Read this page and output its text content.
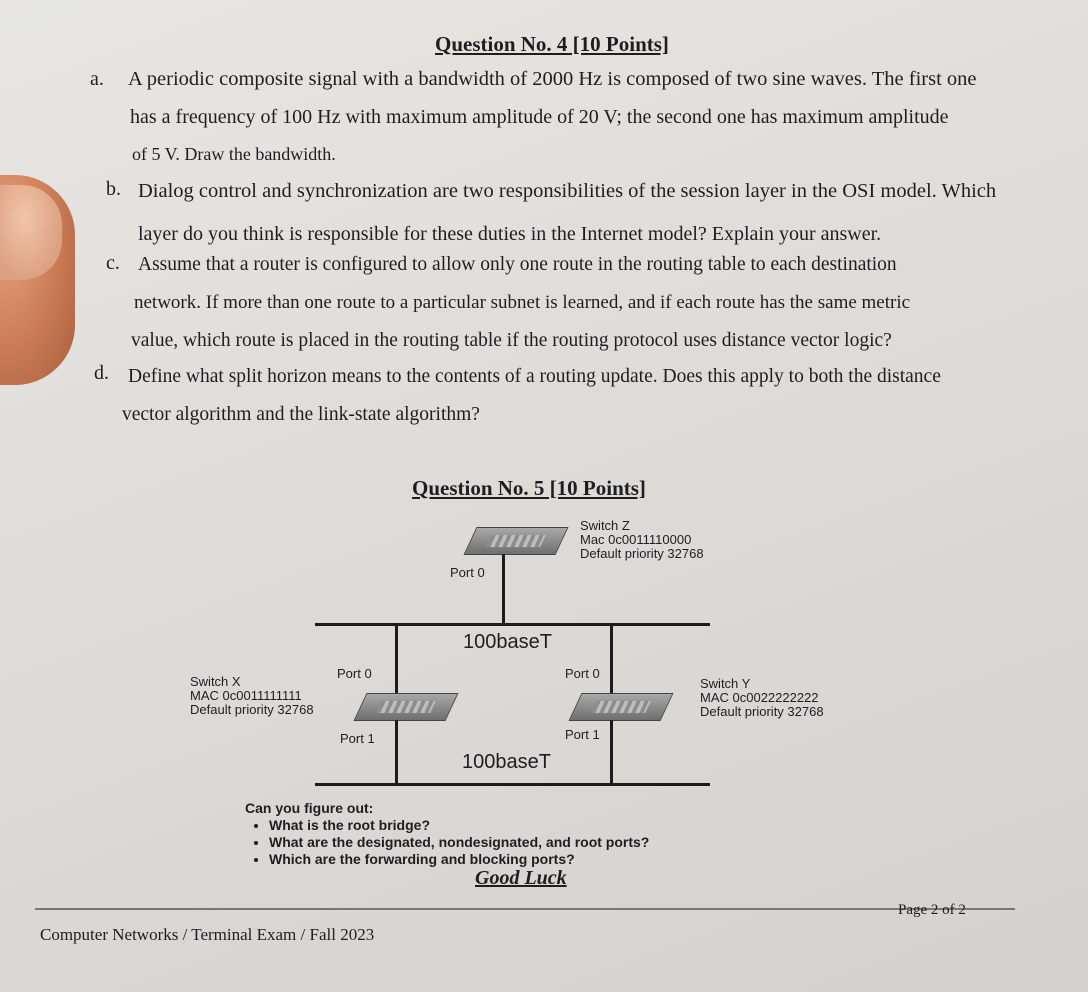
Question No. 4 [10 Points]
a. A periodic composite signal with a bandwidth of 2000 Hz is composed of two sine waves. The first one
has a frequency of 100 Hz with maximum amplitude of 20 V; the second one has maximum amplitude
of 5 V. Draw the bandwidth.
b. Dialog control and synchronization are two responsibilities of the session layer in the OSI model. Which
layer do you think is responsible for these duties in the Internet model? Explain your answer.
c. Assume that a router is configured to allow only one route in the routing table to each destination
network. If more than one route to a particular subnet is learned, and if each route has the same metric
value, which route is placed in the routing table if the routing protocol uses distance vector logic?
d. Define what split horizon means to the contents of a routing update. Does this apply to both the distance
vector algorithm and the link-state algorithm?
Question No. 5 [10 Points]
Switch Z
Mac 0c0011110000
Default priority 32768
Port 0
100baseT
Switch X
MAC 0c0011111111
Default priority 32768
Port 0
Port 1
Switch Y
MAC 0c0022222222
Default priority 32768
Port 0
Port 1
100baseT
Can you figure out:
• What is the root bridge?
• What are the designated, nondesignated, and root ports?
• Which are the forwarding and blocking ports?
Good Luck
Computer Networks / Terminal Exam / Fall 2023
Page 2 of 2
